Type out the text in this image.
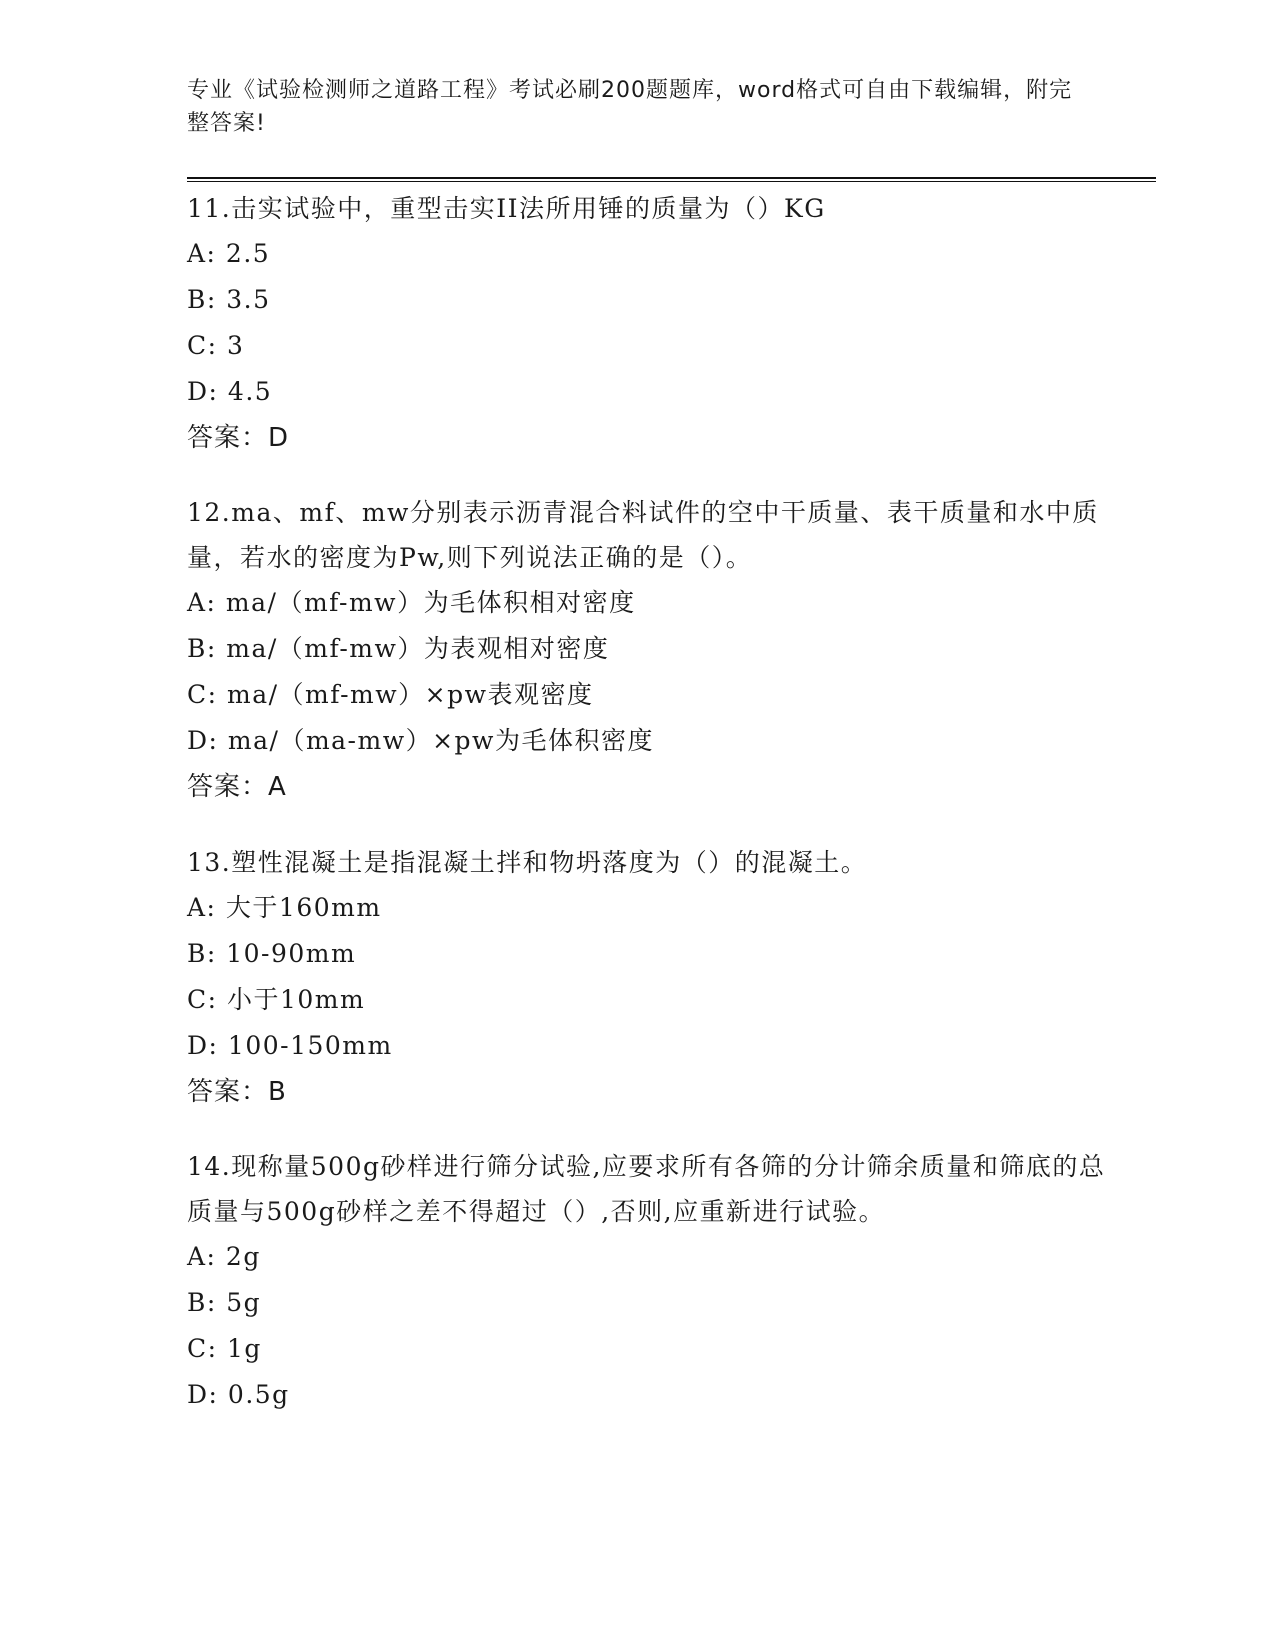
专业《试验检测师之道路工程》考试必刷200题题库，word格式可自由下载编辑，附完整答案!
11.击实试验中，重型击实II法所用锤的质量为（）KG
A: 2.5
B: 3.5
C: 3
D: 4.5
答案：D
12.ma、mf、mw分别表示沥青混合料试件的空中干质量、表干质量和水中质量，若水的密度为Pw,则下列说法正确的是（）。
A: ma/（mf-mw）为毛体积相对密度
B: ma/（mf-mw）为表观相对密度
C: ma/（mf-mw）×pw表观密度
D: ma/（ma-mw）×pw为毛体积密度
答案：A
13.塑性混凝土是指混凝土拌和物坍落度为（）的混凝土。
A: 大于160mm
B: 10-90mm
C: 小于10mm
D: 100-150mm
答案：B
14.现称量500g砂样进行筛分试验,应要求所有各筛的分计筛余质量和筛底的总质量与500g砂样之差不得超过（）,否则,应重新进行试验。
A: 2g
B: 5g
C: 1g
D: 0.5g
